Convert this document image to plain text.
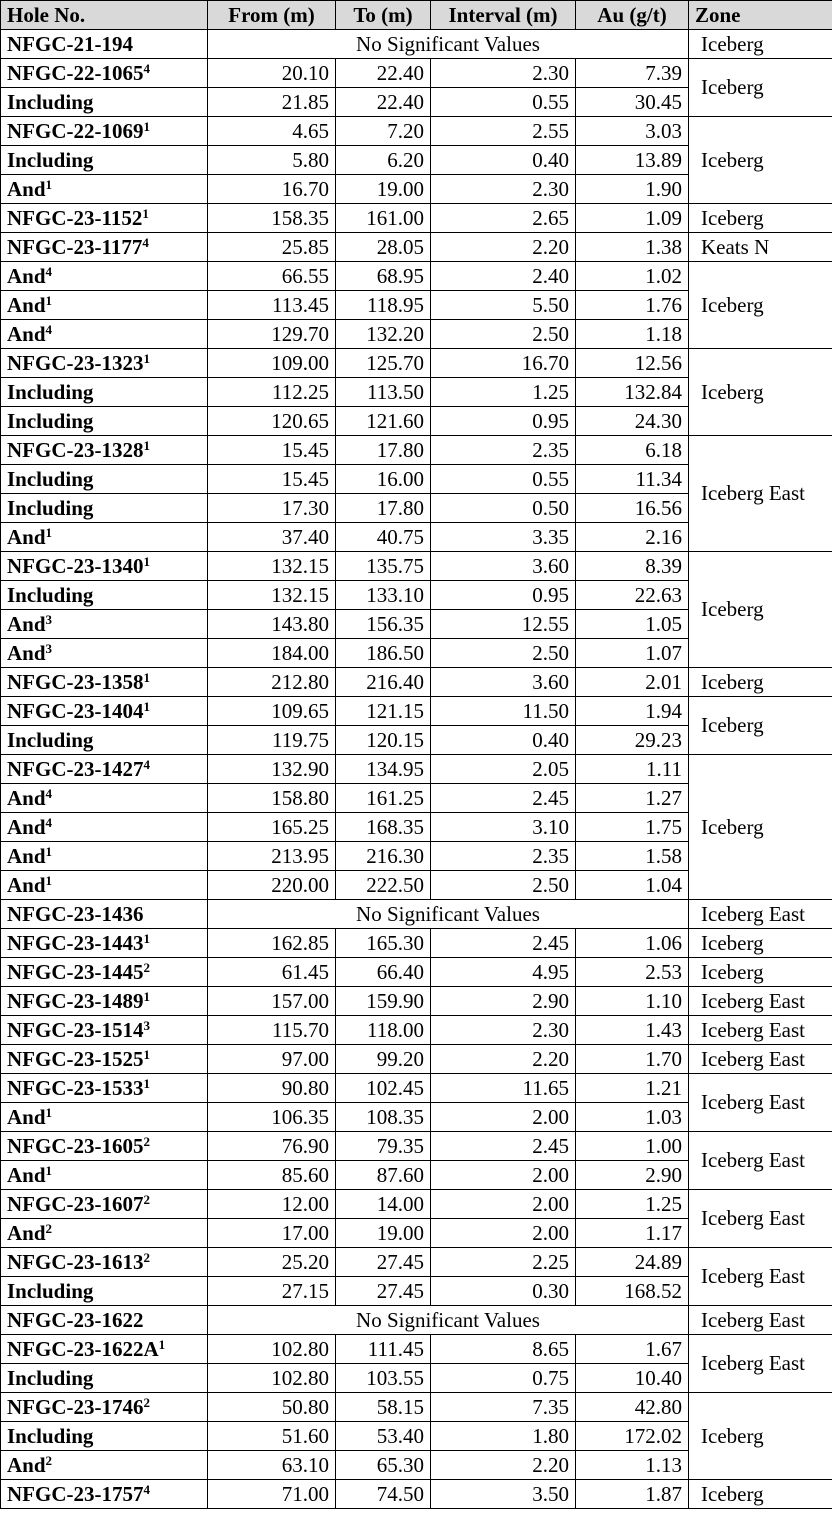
Hole No.	From (m)	To (m)	Interval (m)	Au (g/t)	Zone
NFGC-21-194	No Significant Values				Iceberg
NFGC-22-1065$^4$	20.10	22.40	2.30	7.39	Iceberg
Including	21.85	22.40	0.55	30.45	
NFGC-22-1069$^1$	4.65	7.20	2.55	3.03	Iceberg
Including	5.80	6.20	0.40	13.89	
And$^1$	16.70	19.00	2.30	1.90	
NFGC-23-1152$^1$	158.35	161.00	2.65	1.09	Iceberg
NFGC-23-1177$^4$	25.85	28.05	2.20	1.38	Keats N
And$^4$	66.55	68.95	2.40	1.02	Iceberg
And$^1$	113.45	118.95	5.50	1.76	
And$^4$	129.70	132.20	2.50	1.18	
NFGC-23-1323$^1$	109.00	125.70	16.70	12.56	Iceberg
Including	112.25	113.50	1.25	132.84	
Including	120.65	121.60	0.95	24.30	
NFGC-23-1328$^1$	15.45	17.80	2.35	6.18	Iceberg East
Including	15.45	16.00	0.55	11.34	
Including	17.30	17.80	0.50	16.56	
And$^1$	37.40	40.75	3.35	2.16	
NFGC-23-1340$^1$	132.15	135.75	3.60	8.39	Iceberg
Including	132.15	133.10	0.95	22.63	
And$^3$	143.80	156.35	12.55	1.05	
And$^3$	184.00	186.50	2.50	1.07	
NFGC-23-1358$^1$	212.80	216.40	3.60	2.01	Iceberg
NFGC-23-1404$^1$	109.65	121.15	11.50	1.94	Iceberg
Including	119.75	120.15	0.40	29.23	
NFGC-23-1427$^4$	132.90	134.95	2.05	1.11	Iceberg
And$^4$	158.80	161.25	2.45	1.27	
And$^4$	165.25	168.35	3.10	1.75	
And$^1$	213.95	216.30	2.35	1.58	
And$^1$	220.00	222.50	2.50	1.04	
NFGC-23-1436	No Significant Values				Iceberg East
NFGC-23-1443$^1$	162.85	165.30	2.45	1.06	Iceberg
NFGC-23-1445$^2$	61.45	66.40	4.95	2.53	Iceberg
NFGC-23-1489$^1$	157.00	159.90	2.90	1.10	Iceberg East
NFGC-23-1514$^3$	115.70	118.00	2.30	1.43	Iceberg East
NFGC-23-1525$^1$	97.00	99.20	2.20	1.70	Iceberg East
NFGC-23-1533$^1$	90.80	102.45	11.65	1.21	Iceberg East
And$^1$	106.35	108.35	2.00	1.03	
NFGC-23-1605$^2$	76.90	79.35	2.45	1.00	Iceberg East
And$^1$	85.60	87.60	2.00	2.90	
NFGC-23-1607$^2$	12.00	14.00	2.00	1.25	Iceberg East
And$^2$	17.00	19.00	2.00	1.17	
NFGC-23-1613$^2$	25.20	27.45	2.25	24.89	Iceberg East
Including	27.15	27.45	0.30	168.52	
NFGC-23-1622	No Significant Values				Iceberg East
NFGC-$23-1622A^1$	102.80	111.45	8.65	1.67	Iceberg East
Including	102.80	103.55	0.75	10.40	
NFGC-23-1746$^2$	50.80	58.15	7.35	42.80	Iceberg
Including	51.60	53.40	1.80	172.02	
And$^2$	63.10	65.30	2.20	1.13	
NFGC-23-1757$^4$	71.00	74.50	3.50	1.87	Iceberg
